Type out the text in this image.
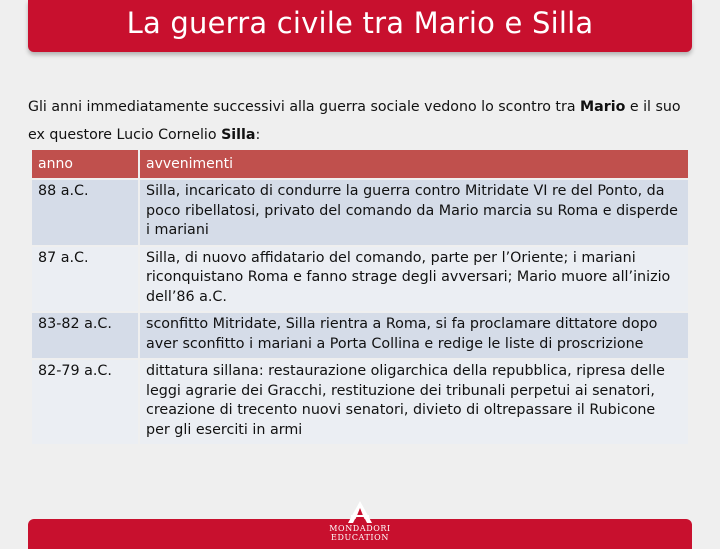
La guerra civile tra Mario e Silla
Gli anni immediatamente successivi alla guerra sociale vedono lo scontro tra Mario e il suo ex questore Lucio Cornelio Silla:
anno	avvenimenti
88 a.C.	Silla, incaricato di condurre la guerra contro Mitridate VI re del Ponto, da poco ribellatosi, privato del comando da Mario marcia su Roma e disperde i mariani
87 a.C.	Silla, di nuovo affidatario del comando, parte per l’Oriente; i mariani riconquistano Roma e fanno strage degli avversari; Mario muore all’inizio dell’86 a.C.
83-82 a.C.	sconfitto Mitridate, Silla rientra a Roma, si fa proclamare dittatore dopo aver sconfitto i mariani a Porta Collina e redige le liste di proscrizione
82-79 a.C.	dittatura sillana: restaurazione oligarchica della repubblica, ripresa delle leggi agrarie dei Gracchi, restituzione dei tribunali perpetui ai senatori, creazione di trecento nuovi senatori, divieto di oltrepassare il Rubicone per gli eserciti in armi
MONDADORI EDUCATION
